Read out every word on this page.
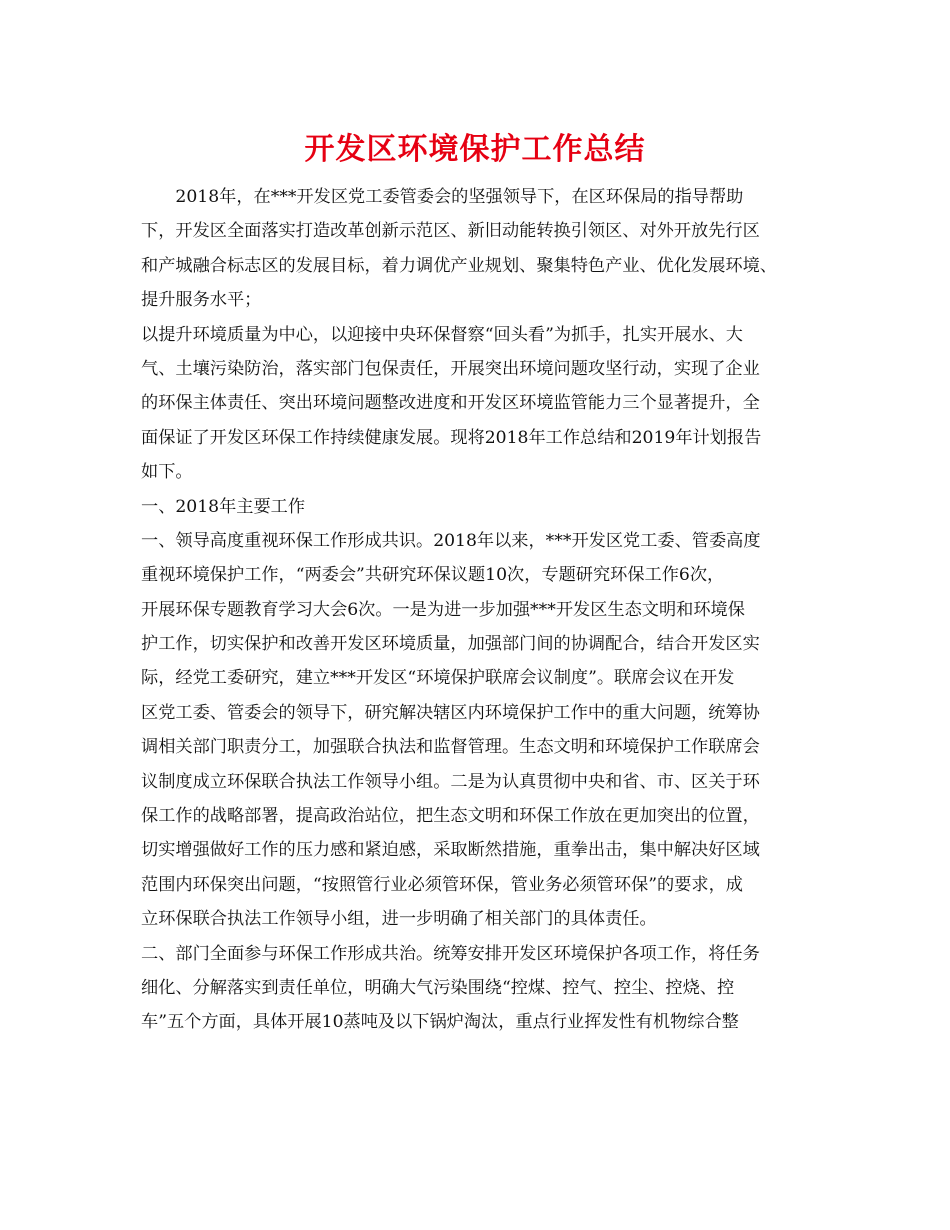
开发区环境保护工作总结
2018年，在***开发区党工委管委会的坚强领导下，在区环保局的指导帮助
下，开发区全面落实打造改革创新示范区、新旧动能转换引领区、对外开放先行区
和产城融合标志区的发展目标，着力调优产业规划、聚集特色产业、优化发展环境、
提升服务水平；
以提升环境质量为中心，以迎接中央环保督察“回头看”为抓手，扎实开展水、大
气、土壤污染防治，落实部门包保责任，开展突出环境问题攻坚行动，实现了企业
的环保主体责任、突出环境问题整改进度和开发区环境监管能力三个显著提升，全
面保证了开发区环保工作持续健康发展。现将2018年工作总结和2019年计划报告
如下。
一、2018年主要工作
一、领导高度重视环保工作形成共识。2018年以来，***开发区党工委、管委高度
重视环境保护工作，“两委会”共研究环保议题10次，专题研究环保工作6次，
开展环保专题教育学习大会6次。一是为进一步加强***开发区生态文明和环境保
护工作，切实保护和改善开发区环境质量，加强部门间的协调配合，结合开发区实
际，经党工委研究，建立***开发区“环境保护联席会议制度”。联席会议在开发
区党工委、管委会的领导下，研究解决辖区内环境保护工作中的重大问题，统筹协
调相关部门职责分工，加强联合执法和监督管理。生态文明和环境保护工作联席会
议制度成立环保联合执法工作领导小组。二是为认真贯彻中央和省、市、区关于环
保工作的战略部署，提高政治站位，把生态文明和环保工作放在更加突出的位置，
切实增强做好工作的压力感和紧迫感，采取断然措施，重拳出击，集中解决好区域
范围内环保突出问题，“按照管行业必须管环保，管业务必须管环保”的要求，成
立环保联合执法工作领导小组，进一步明确了相关部门的具体责任。
二、部门全面参与环保工作形成共治。统筹安排开发区环境保护各项工作，将任务
细化、分解落实到责任单位，明确大气污染围绕“控煤、控气、控尘、控烧、控
车”五个方面，具体开展10蒸吨及以下锅炉淘汰，重点行业挥发性有机物综合整
